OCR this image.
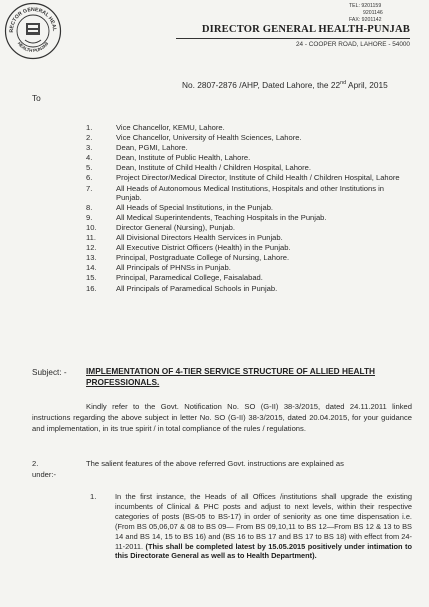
RECTOR GENERAL HEAL
HEALTH PUNJAB
TEL: 9201159
9201146
FAX: 9201142
DIRECTOR GENERAL HEALTH-PUNJAB
24 - COOPER ROAD, LAHORE - 54000
No. 2807-2876 /AHP, Dated Lahore, the 22nd April, 2015
To
1.	Vice Chancellor, KEMU, Lahore.
2.	Vice Chancellor, University of Health Sciences, Lahore.
3.	Dean, PGMI, Lahore.
4.	Dean, Institute of Public Health, Lahore.
5.	Dean, Institute of Child Health / Children Hospital, Lahore.
6.	Project Director/Medical Director, Institute of Child Health / Children Hospital, Lahore
7.	All Heads of Autonomous Medical Institutions, Hospitals and other Institutions in Punjab.
8.	All Heads of Special Institutions, in the Punjab.
9.	All Medical Superintendents, Teaching Hospitals in the Punjab.
10.	Director General (Nursing), Punjab.
11.	All Divisional Directors Health Services in Punjab.
12.	All Executive District Officers (Health) in the Punjab.
13.	Principal, Postgraduate College of Nursing, Lahore.
14.	All Principals of PHNSs in Punjab.
15.	Principal, Paramedical College, Faisalabad.
16.	All Principals of Paramedical Schools in Punjab.
Subject: - IMPLEMENTATION OF 4-TIER SERVICE STRUCTURE OF ALLIED HEALTH PROFESSIONALS.

Kindly refer to the Govt. Notification No. SO (G-II) 38-3/2015, dated 24.11.2011 linked instructions regarding the above subject in letter No. SO (G-II) 38-3/2015, dated 20.04.2015, for your guidance and implementation, in its true spirit / in total compliance of the rules / regulations.

2.	The salient features of the above referred Govt. instructions are explained as
under:-
1.	In the first instance, the Heads of all Offices /institutions shall upgrade the existing incumbents of Clinical & PHC posts and adjust to next levels, within their respective categories of posts (BS-05 to BS-17) in order of seniority as one time dispensation i.e. (From BS 05,06,07 & 08 to BS 09— From BS 09,10,11 to BS 12—From BS 12 & 13 to BS 14 and BS 14, 15 to BS 16) and (BS 16 to BS 17 and BS 17 to BS 18) with effect from 24-11-2011. (This shall be completed latest by 15.05.2015 positively under intimation to this Directorate General as well as to Health Department).
